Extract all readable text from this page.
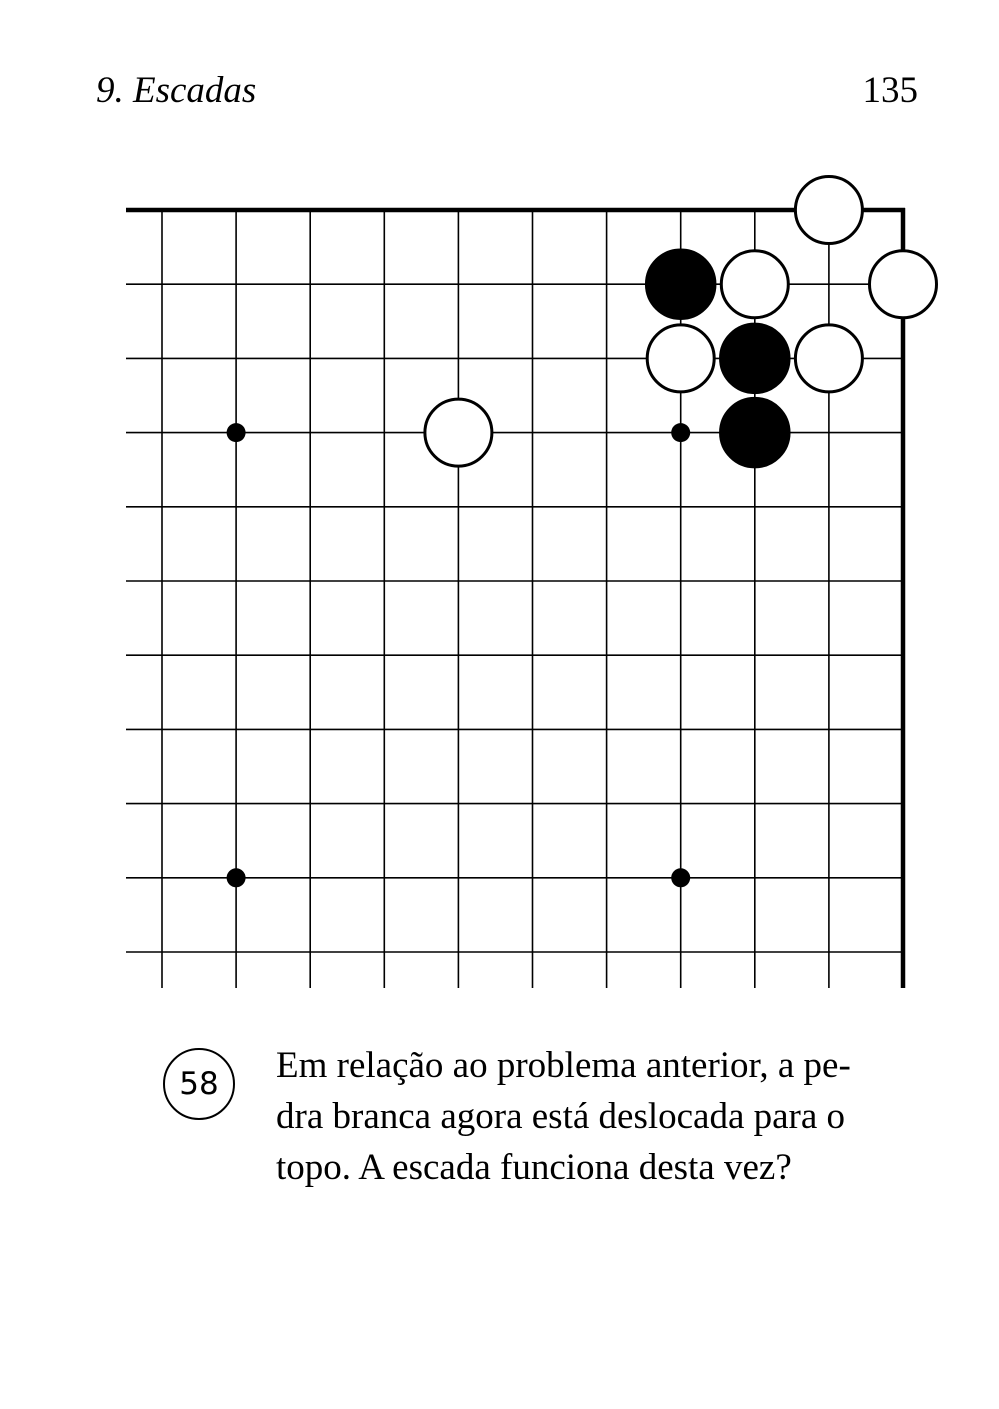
9. Escadas	135
58	Em relação ao problema anterior, a pe-
dra branca agora está deslocada para o
topo. A escada funciona desta vez?
